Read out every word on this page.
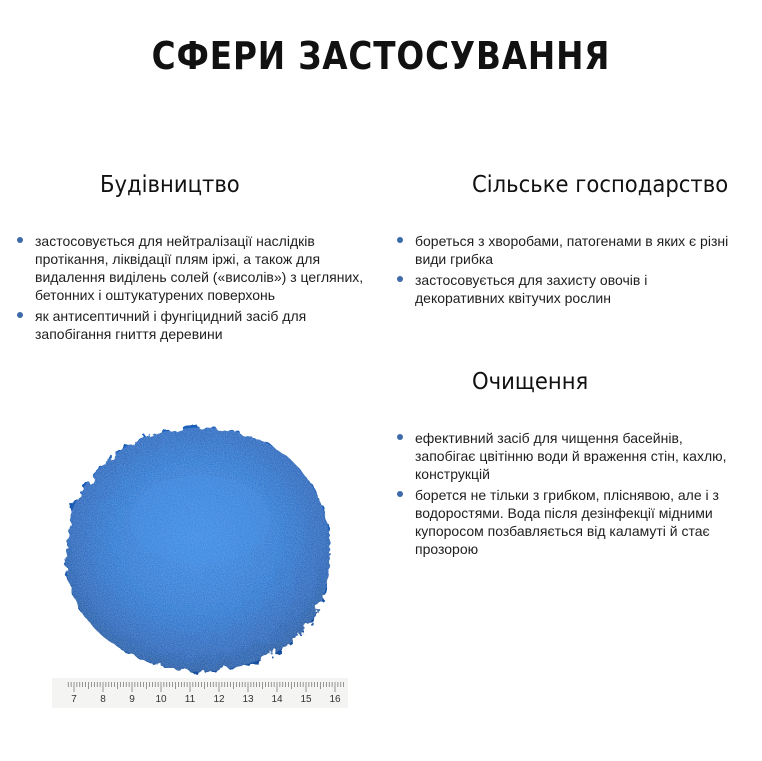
СФЕРИ ЗАСТОСУВАННЯ
Будівництво
застосовується для нейтралізації наслідків протікання, ліквідації плям іржі, а також для видалення виділень солей («висолів») з цегляних, бетонних і оштукатурених поверхонь
як антисептичний і фунгіцидний засіб для запобігання гниття деревини
Сільське господарство
бореться з хворобами, патогенами в яких є різні види грибка
застосовується для захисту овочів і декоративних квітучих рослин
Очищення
ефективний засіб для чищення басейнів, запобігає цвітінню води й враження стін, кахлю, конструкцій
борется не тільки з грибком, пліснявою, але і з водоростями. Вода після дезінфекції мідними купоросом позбавляється від каламуті й стає прозорою
7 8 9 10 11 12 13 14 15 16
